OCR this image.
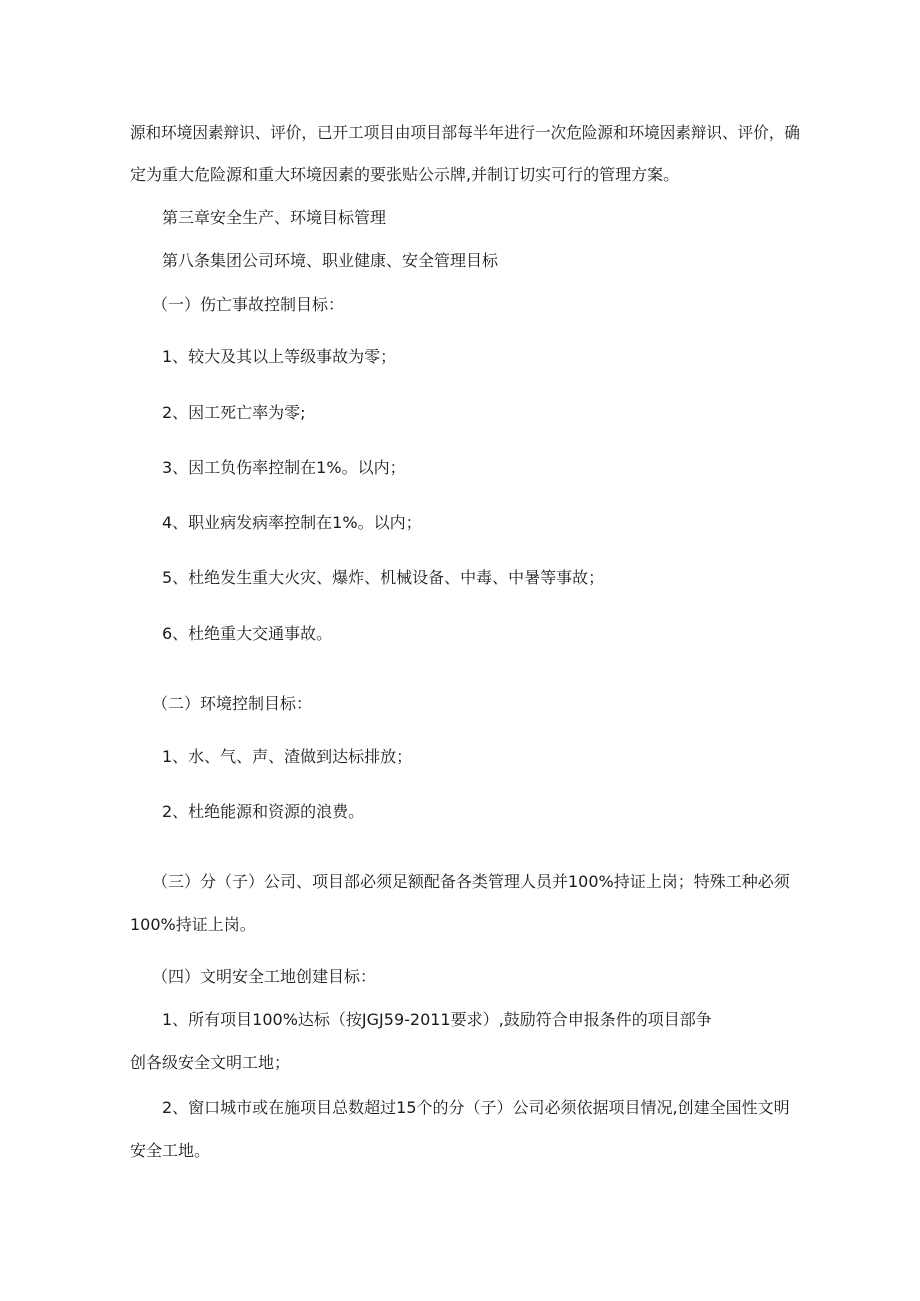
源和环境因素辩识、评价，已开工项目由项目部每半年进行一次危险源和环境因素辩识、评价，确
定为重大危险源和重大环境因素的要张贴公示牌,并制订切实可行的管理方案。
第三章安全生产、环境目标管理
第八条集团公司环境、职业健康、安全管理目标
（一）伤亡事故控制目标：
1、较大及其以上等级事故为零；
2、因工死亡率为零;
3、因工负伤率控制在1%。以内；
4、职业病发病率控制在1%。以内；
5、杜绝发生重大火灾、爆炸、机械设备、中毒、中暑等事故；
6、杜绝重大交通事故。
（二）环境控制目标：
1、水、气、声、渣做到达标排放；
2、杜绝能源和资源的浪费。
（三）分（子）公司、项目部必须足额配备各类管理人员并100%持证上岗；特殊工种必须
100%持证上岗。
（四）文明安全工地创建目标：
1、所有项目100%达标（按JGJ59-2011要求）,鼓励符合申报条件的项目部争
创各级安全文明工地；
2、窗口城市或在施项目总数超过15个的分（子）公司必须依据项目情况,创建全国性文明
安全工地。
